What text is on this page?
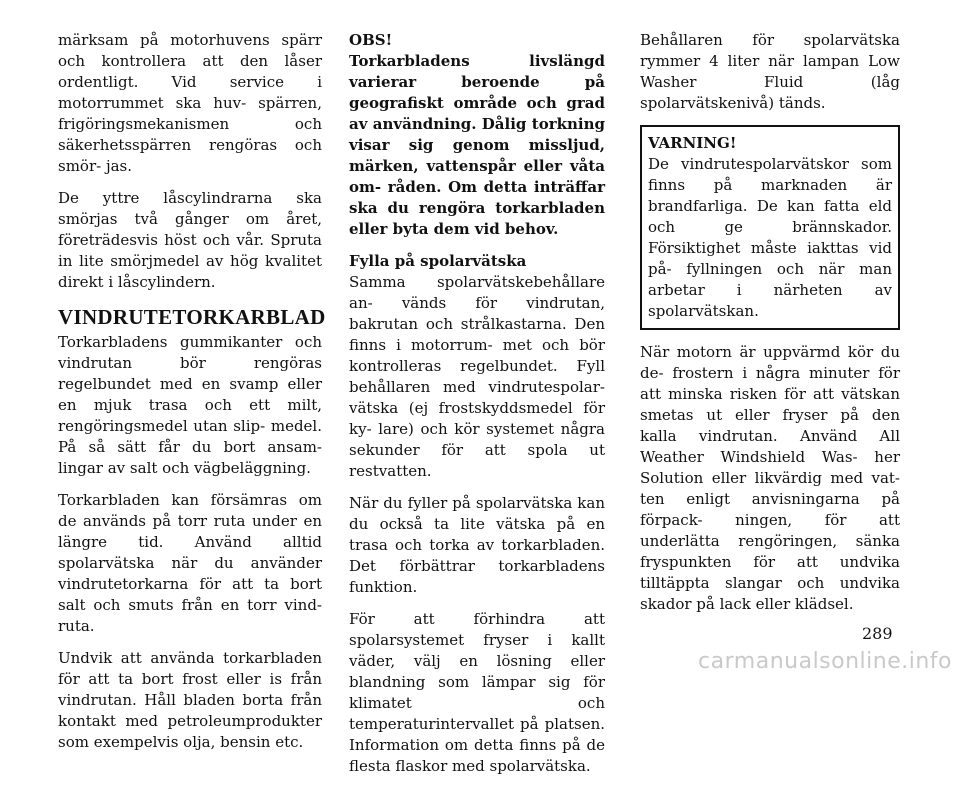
märksam på motorhuvens spärr och kontrollera att den låser ordentligt. Vid service i motorrummet ska huv- spärren, frigöringsmekanismen och säkerhetsspärren rengöras och smör- jas.

De yttre låscylindrarna ska smörjas två gånger om året, företrädesvis höst och vår. Spruta in lite smörjmedel av hög kvalitet direkt i låscylindern.

VINDRUTETORKARBLAD

Torkarbladens gummikanter och vindrutan bör rengöras regelbundet med en svamp eller en mjuk trasa och ett milt, rengöringsmedel utan slip- medel. På så sätt får du bort ansam- lingar av salt och vägbeläggning.

Torkarbladen kan försämras om de används på torr ruta under en längre tid. Använd alltid spolarvätska när du använder vindrutetorkarna för att ta bort salt och smuts från en torr vind- ruta.

Undvik att använda torkarbladen för att ta bort frost eller is från vindrutan. Håll bladen borta från kontakt med petroleumprodukter som exempelvis olja, bensin etc.

OBS!

Torkarbladens livslängd varierar beroende på geografiskt område och grad av användning. Dålig torkning visar sig genom missljud, märken, vattenspår eller våta om- råden. Om detta inträffar ska du rengöra torkarbladen eller byta dem vid behov.

Fylla på spolarvätska

Samma spolarvätskebehållare an- vänds för vindrutan, bakrutan och strålkastarna. Den finns i motorrum- met och bör kontrolleras regelbundet. Fyll behållaren med vindrutespolar- vätska (ej frostskyddsmedel för ky- lare) och kör systemet några sekunder för att spola ut restvatten.

När du fyller på spolarvätska kan du också ta lite vätska på en trasa och torka av torkarbladen. Det förbättrar torkarbladens funktion.

För att förhindra att spolarsystemet fryser i kallt väder, välj en lösning eller blandning som lämpar sig för klimatet och temperaturintervallet på platsen. Information om detta finns på de flesta flaskor med spolarvätska.

Behållaren för spolarvätska rymmer 4 liter när lampan Low Washer Fluid (låg spolarvätskenivå) tänds.

VARNING!

De vindrutespolarvätskor som finns på marknaden är brandfarliga. De kan fatta eld och ge brännskador. Försiktighet måste iakttas vid på- fyllningen och när man arbetar i närheten av spolarvätskan.

När motorn är uppvärmd kör du de- frostern i några minuter för att minska risken för att vätskan smetas ut eller fryser på den kalla vindrutan. Använd All Weather Windshield Was- her Solution eller likvärdig med vat- ten enligt anvisningarna på förpack- ningen, för att underlätta rengöringen, sänka fryspunkten för att undvika tilltäppta slangar och undvika skador på lack eller klädsel.

289
carmanualsonline.info
